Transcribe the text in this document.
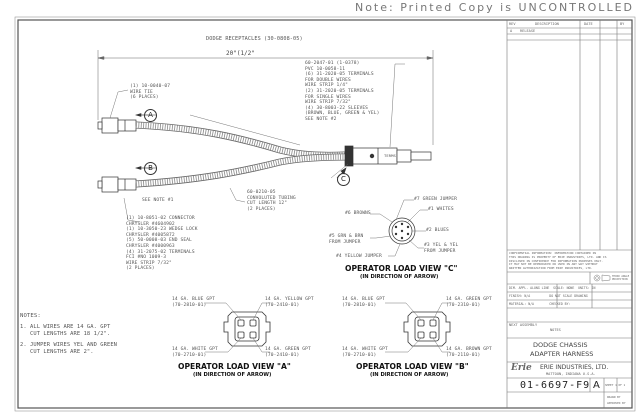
Note: Printed Copy is UNCONTROLLED
DODGE RECEPTACLES (30-0808-05)
20"(1/2"
(1) 10-0040-07
WIRE TIE
(6 PLACES)
60-2047-01 (1-0378)
PVC 10-0058-11
(6) 31-2020-05 TERMINALS
FOR DOUBLE WIRES
WIRE STRIP 1/4"
(2) 31-2020-05 TERMINALS
FOR SINGLE WIRES
WIRE STRIP 7/32"
(4) 30-8003-22 SLEEVES
(BROWN, BLUE, GREEN & YEL)
SEE NOTE #2
SEE NOTE #1
60-0210-05
CONVOLUTED TUBING
CUT LENGTH 12"
(2 PLACES)
(1) 10-8051-02 CONNECTOR
CHRYSLER #4604902
(1) 10-3050-23 WEDGE LOCK
CHRYSLER #4005872
(5) 50-0008-03 END SEAL
CHRYSLER #4000963
(4) 31-2075-02 TERMINALS
FCI #NO 1009-3
WIRE STRIP 7/32"
(2 PLACES)
TERMS
A
B
C
NOTES:
1. ALL WIRES ARE 14 GA. GPT
CUT LENGTHS ARE 18 1/2".
2. JUMPER WIRES YEL AND GREEN
CUT LENGTHS ARE 2".
#7 GREEN JUMPER
#1 WHITES
#6 BROWNS
#2 BLUES
#5 GRN & BRN
FROM JUMPER
#3 YEL & YEL
FROM JUMPER
#4 YELLOW JUMPER
OPERATOR LOAD VIEW "C"
(IN DIRECTION OF ARROW)
14 GA. BLUE GPT
(70-2810-01)
14 GA. YELLOW GPT
(70-2410-01)
14 GA. WHITE GPT
(70-2710-01)
14 GA. GREEN GPT
(70-2410-01)
OPERATOR LOAD VIEW "A"
(IN DIRECTION OF ARROW)
14 GA. BLUE GPT
(70-2810-01)
14 GA. GREEN GPT
(70-2310-01)
14 GA. WHITE GPT
(70-2710-01)
14 GA. BROWN GPT
(70-2110-01)
OPERATOR LOAD VIEW "B"
(IN DIRECTION OF ARROW)
REV	DESCRIPTION	DATE	BY
A RELEASE
CONFIDENTIAL INFORMATION: INFORMATION CONTAINED IN
THIS DRAWING IS PROPERTY OF ERIE INDUSTRIES, LTD. AND IS
DISCLOSED IN CONFIDENCE FOR INFORMATION PURPOSES ONLY.
IT MAY NOT BE REPRODUCED OR USED IN ANY WAY WITHOUT
WRITTEN AUTHORIZATION FROM ERIE INDUSTRIES, LTD.
THIRD ANGLE
PROJECTION
DIM. APPL. ALONG LINE  SCALE: NONE  UNITS: IN
FINISH: N/A          DO NOT SCALE DRAWING
MATERIAL: N/A        CHECKED BY:
NEXT ASSEMBLY
NOTES
DODGE CHASSIS
ADAPTER HARNESS
Erie ERIE INDUSTRIES, LTD.
MATTOON, INDIANA U.S.A.
01-6697-F9 A SHEET 1 OF 1
DRAWN BY
APPROVED BY
